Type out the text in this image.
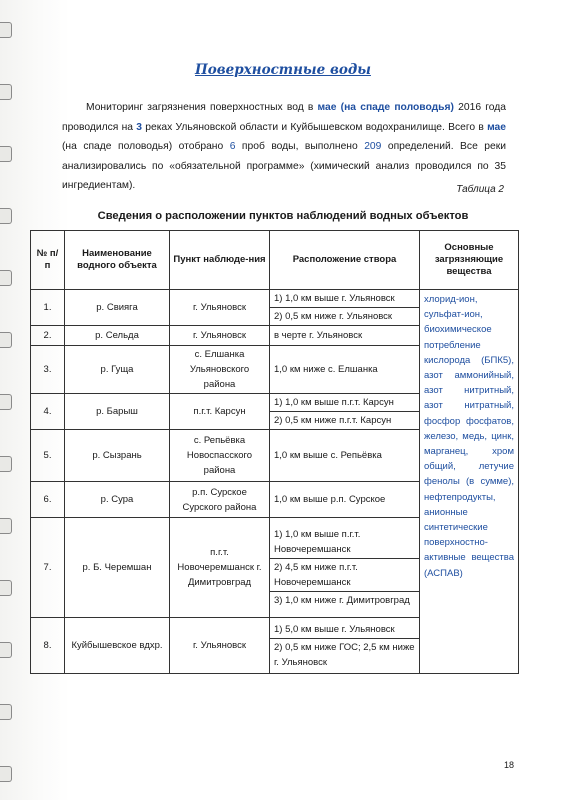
Поверхностные воды
Мониторинг загрязнения поверхностных вод в мае (на спаде половодья) 2016 года проводился на 3 реках Ульяновской области и Куйбышевском водохранилище. Всего в мае (на спаде половодья) отобрано 6 проб воды, выполнено 209 определений. Все реки анализировались по «обязательной программе» (химический анализ проводился по 35 ингредиентам).	Таблица 2
Сведения о расположении пунктов наблюдений водных объектов
№ п/п	Наименование водного объекта	Пункт наблюде-ния	Расположение створа	Основные загрязняющие вещества
1.	р. Свияга	г. Ульяновск	1) 1,0 км выше г. Ульяновск
2) 0,5 км ниже г. Ульяновск	хлорид-ион, сульфат-ион, биохимическое потребление кислорода (БПК5), азот аммонийный, азот нитритный, азот нитратный, фосфор фосфатов, железо, медь, цинк, марганец, хром общий, летучие фенолы (в сумме), нефтепродукты, анионные синтетические поверхностно-активные вещества (АСПАВ)
2.	р. Сельда	г. Ульяновск	в черте г. Ульяновск	

3.	р. Гуща	с. Елшанка Ульяновского района	1,0 км ниже с. Елшанка	

4.	р. Барыш	п.г.т. Карсун	1) 1,0 км выше п.г.т. Карсун
2) 0,5 км ниже п.г.т. Карсун	

5.	р. Сызрань	с. Репьёвка Новоспасского района	1,0 км выше с. Репьёвка	

6.	р. Сура	р.п. Сурское Сурского района	1,0 км выше р.п. Сурское	

7.	р. Б. Черемшан	п.г.т. Новочеремшанск г. Димитровград	1) 1,0 км выше п.г.т. Новочеремшанск
2) 4,5 км ниже п.г.т. Новочеремшанск
3) 1,0 км ниже г. Димитровград	

8.	Куйбышевское вдхр.	г. Ульяновск	1) 5,0 км выше г. Ульяновск
2) 0,5 км ниже ГОС; 2,5 км ниже г. Ульяновск	
18
